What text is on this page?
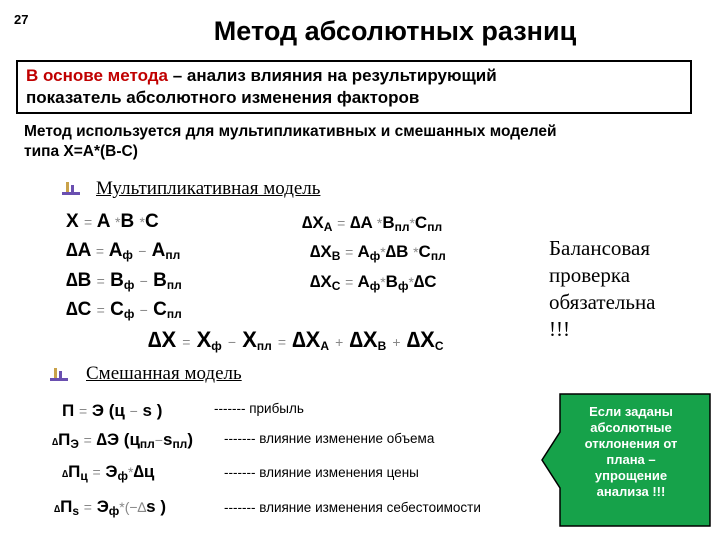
27	Метод абсолютных разниц
В основе метода – анализ влияния на результирующий
показатель абсолютного изменения факторов
Метод используется для мультипликативных и смешанных моделей
типа Х=А*(В-С)
Мультипликативная модель
X = A *B *C
$\Delta A = A_ф - A_{пл}$
$\Delta B = B_ф - B_{пл}$
$\Delta C = C_ф - C_{пл}$
$\Delta X_A = \Delta A$ $*B_{пл}*C_{пл}$
$\Delta X_B = A_ф*\Delta B$ $*C_{пл}$
$\Delta X_C = A_ф*B_ф*\Delta C$
$\Delta X = X_ф - X_{пл} = \Delta X_A + \Delta X_B + \Delta X_C$
Балансовая
проверка
обязательна
!!!
Смешанная модель
П = Э (ц − s )	------- прибыль
$\Delta П_Э = \Delta Э$ $(ц_{пл}-s_{пл})$ ------- влияние изменение объема
$\Delta П_ц = Э_ф*\Delta ц$	------- влияние изменения цены
$\Delta П_s = Э_ф*(-\Delta s$ )	------- влияние изменения себестоимости
Если заданы
абсолютные
отклонения от
плана –
упрощение
анализа !!!
